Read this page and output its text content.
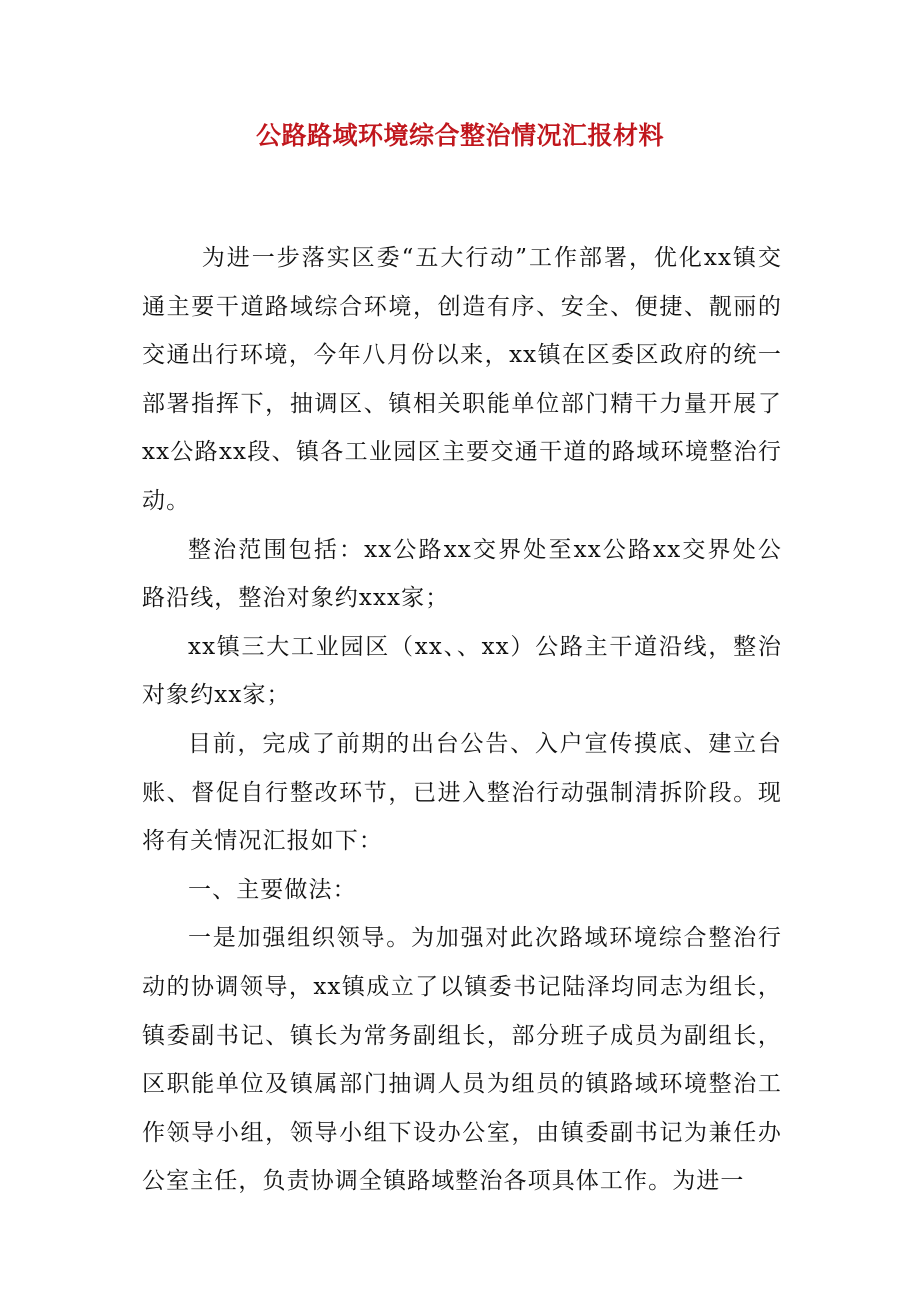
公路路域环境综合整治情况汇报材料

为进一步落实区委“五大行动”工作部署，优化xx镇交通主要干道路域综合环境，创造有序、安全、便捷、靓丽的交通出行环境，今年八月份以来，xx镇在区委区政府的统一部署指挥下，抽调区、镇相关职能单位部门精干力量开展了xx公路xx段、镇各工业园区主要交通干道的路域环境整治行动。

整治范围包括：xx公路xx交界处至xx公路xx交界处公路沿线，整治对象约xxx家；

xx镇三大工业园区（xx、、xx）公路主干道沿线，整治对象约xx家；

目前，完成了前期的出台公告、入户宣传摸底、建立台账、督促自行整改环节，已进入整治行动强制清拆阶段。现将有关情况汇报如下：

一、主要做法：

一是加强组织领导。为加强对此次路域环境综合整治行动的协调领导，xx镇成立了以镇委书记陆泽均同志为组长，镇委副书记、镇长为常务副组长，部分班子成员为副组长，区职能单位及镇属部门抽调人员为组员的镇路域环境整治工作领导小组，领导小组下设办公室，由镇委副书记为兼任办公室主任，负责协调全镇路域整治各项具体工作。为进一
